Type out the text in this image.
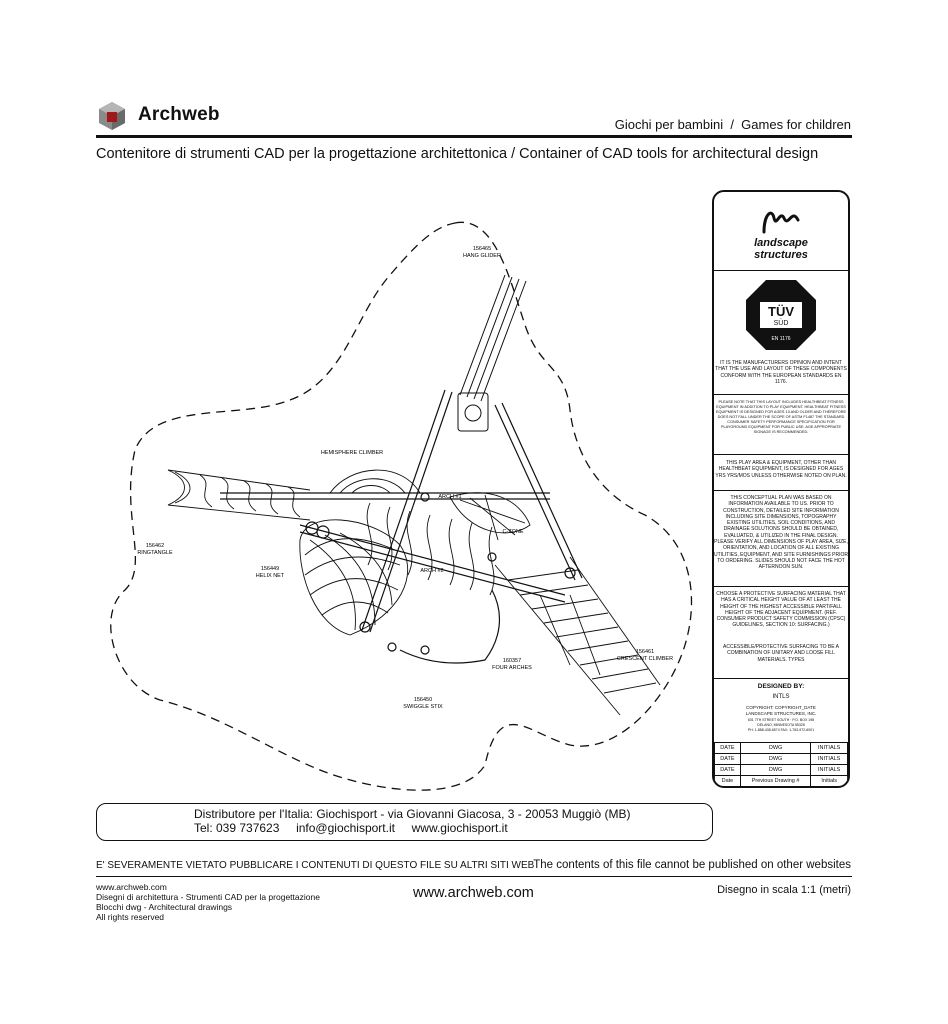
Archweb	Giochi per bambini  /  Games for children
Contenitore di strumenti CAD per la progettazione architettonica / Container of CAD tools for architectural design
156465
HANG GLIDER
HEMISPHERE CLIMBER
156462
RINGTANGLE
156449
HELIX NET
ARCH #1
ARCH #2
C-ZONE
160357
FOUR ARCHES
156461
CRESCENT CLIMBER
156450
SWIGGLE STIX
landscape
structures
TÜV
SÜD
EN 1176
IT IS THE MANUFACTURERS OPINION AND INTENT THAT THE USE AND LAYOUT OF THESE COMPONENTS CONFORM WITH THE EUROPEAN STANDARDS EN 1176.
PLEASE NOTE THAT THIS LAYOUT INCLUDES HEALTHBEAT FITNESS EQUIPMENT IN ADDITION TO PLAY EQUIPMENT. HEALTHBEAT FITNESS EQUIPMENT IS DESIGNED FOR AGES 13 AND OLDER AND THEREFORE DOES NOT FALL UNDER THE SCOPE OF ASTM F1487 THE STANDARD CONSUMER SAFETY PERFORMANCE SPECIFICATION FOR PLAYGROUND EQUIPMENT FOR PUBLIC USE. AGE APPROPRIATE SIGNAGE IS RECOMMENDED.
THIS PLAY AREA & EQUIPMENT, OTHER THAN HEALTHBEAT EQUIPMENT, IS DESIGNED FOR AGES YRS YRS/MOS UNLESS OTHERWISE NOTED ON PLAN.
THIS CONCEPTUAL PLAN WAS BASED ON INFORMATION AVAILABLE TO US. PRIOR TO CONSTRUCTION, DETAILED SITE INFORMATION INCLUDING SITE DIMENSIONS, TOPOGRAPHY EXISTING UTILITIES, SOIL CONDITIONS, AND DRAINAGE SOLUTIONS SHOULD BE OBTAINED, EVALUATED, & UTILIZED IN THE FINAL DESIGN. PLEASE VERIFY ALL DIMENSIONS OF PLAY AREA, SIZE, ORIENTATION, AND LOCATION OF ALL EXISTING UTILITIES, EQUIPMENT, AND SITE FURNISHINGS PRIOR TO ORDERING. SLIDES SHOULD NOT FACE THE HOT AFTERNOON SUN.
CHOOSE A PROTECTIVE SURFACING MATERIAL THAT HAS A CRITICAL HEIGHT VALUE OF AT LEAST THE HEIGHT OF THE HIGHEST ACCESSIBLE PART/FALL HEIGHT OF THE ADJACENT EQUIPMENT. (REF. CONSUMER PRODUCT SAFETY COMMISSION (CPSC) GUIDELINES, SECTION 10: SURFACING.)
ACCESSIBLE/PROTECTIVE SURFACING TO BE A COMBINATION OF UNITARY AND LOOSE FILL MATERIALS. TYPES
DESIGNED BY:
INTLS
COPYRIGHT: COPYRIGHT_DATE
LANDSCAPE STRUCTURES, INC.
601 7TH STREET SOUTH · P.O. BOX 198
DELANO, MINNESOTA 55328
PH: 1-888-438-6574 FAX: 1-763-972-6001
DATE	DWG	INITIALS
DATE	DWG	INITIALS
DATE	DWG	INITIALS
Date	Previous Drawing #	Initials
Distributore per l'Italia: Giochisport - via Giovanni Giacosa, 3 - 20053 Muggiò (MB)
Tel: 039 737623     info@giochisport.it     www.giochisport.it
E' SEVERAMENTE VIETATO PUBBLICARE I CONTENUTI DI QUESTO FILE SU ALTRI SITI WEB
The contents of this file cannot be published on other websites
www.archweb.com
Disegni di architettura - Strumenti CAD per la progettazione
Blocchi dwg - Architectural drawings
All rights reserved
www.archweb.com	Disegno in scala 1:1 (metri)
